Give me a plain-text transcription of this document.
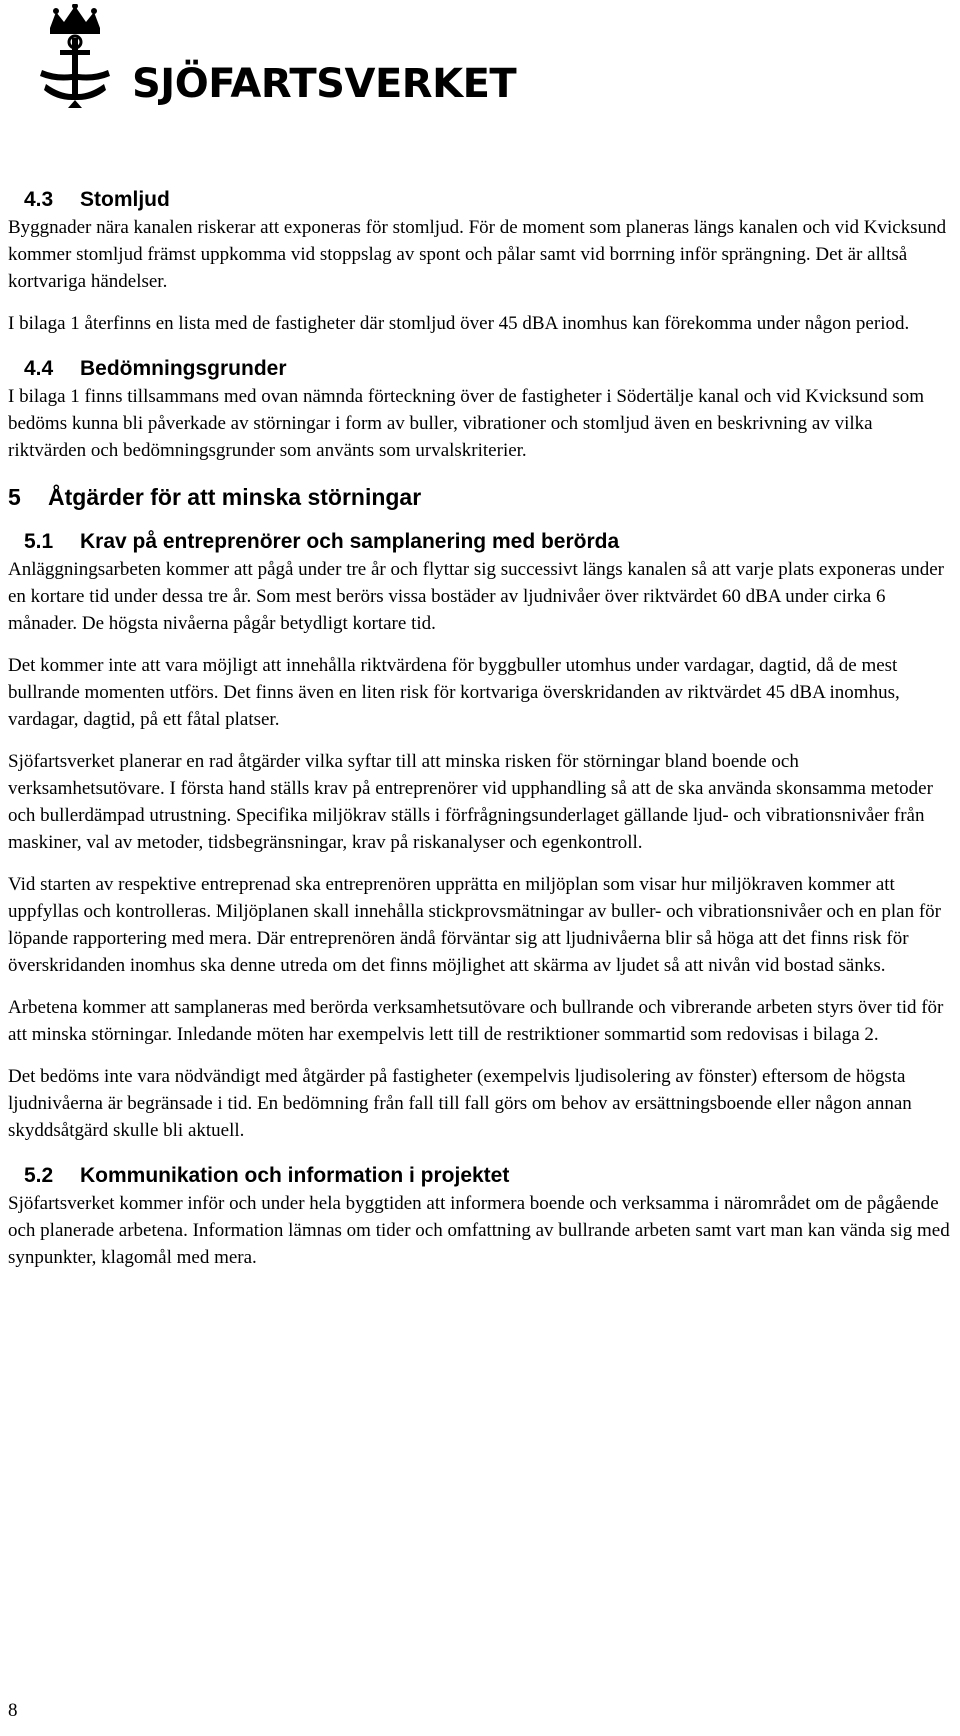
SJÖFARTSVERKET
4.3	Stomljud

Byggnader nära kanalen riskerar att exponeras för stomljud. För de moment som planeras längs kanalen och vid Kvicksund kommer stomljud främst uppkomma vid stoppslag av spont och pålar samt vid borrning inför sprängning. Det är alltså kortvariga händelser.

I bilaga 1 återfinns en lista med de fastigheter där stomljud över 45 dBA inomhus kan förekomma under någon period.

4.4	Bedömningsgrunder

I bilaga 1 finns tillsammans med ovan nämnda förteckning över de fastigheter i Södertälje kanal och vid Kvicksund som bedöms kunna bli påverkade av störningar i form av buller, vibrationer och stomljud även en beskrivning av vilka riktvärden och bedömningsgrunder som använts som urvalskriterier.

5	Åtgärder för att minska störningar
5.1	Krav på entreprenörer och samplanering med berörda

Anläggningsarbeten kommer att pågå under tre år och flyttar sig successivt längs kanalen så att varje plats exponeras under en kortare tid under dessa tre år. Som mest berörs vissa bostäder av ljudnivåer över riktvärdet 60 dBA under cirka 6 månader. De högsta nivåerna pågår betydligt kortare tid.

Det kommer inte att vara möjligt att innehålla riktvärdena för byggbuller utomhus under vardagar, dagtid, då de mest bullrande momenten utförs. Det finns även en liten risk för kortvariga överskridanden av riktvärdet 45 dBA inomhus, vardagar, dagtid, på ett fåtal platser.

Sjöfartsverket planerar en rad åtgärder vilka syftar till att minska risken för störningar bland boende och verksamhetsutövare. I första hand ställs krav på entreprenörer vid upphandling så att de ska använda skonsamma metoder och bullerdämpad utrustning. Specifika miljökrav ställs i förfrågningsunderlaget gällande ljud- och vibrationsnivåer från maskiner, val av metoder, tidsbegränsningar, krav på riskanalyser och egenkontroll.

Vid starten av respektive entreprenad ska entreprenören upprätta en miljöplan som visar hur miljökraven kommer att uppfyllas och kontrolleras. Miljöplanen skall innehålla stickprovsmätningar av buller- och vibrationsnivåer och en plan för löpande rapportering med mera. Där entreprenören ändå förväntar sig att ljudnivåerna blir så höga att det finns risk för överskridanden inomhus ska denne utreda om det finns möjlighet att skärma av ljudet så att nivån vid bostad sänks.

Arbetena kommer att samplaneras med berörda verksamhetsutövare och bullrande och vibrerande arbeten styrs över tid för att minska störningar. Inledande möten har exempelvis lett till de restriktioner sommartid som redovisas i bilaga 2.

Det bedöms inte vara nödvändigt med åtgärder på fastigheter (exempelvis ljudisolering av fönster) eftersom de högsta ljudnivåerna är begränsade i tid. En bedömning från fall till fall görs om behov av ersättningsboende eller någon annan skyddsåtgärd skulle bli aktuell.

5.2	Kommunikation och information i projektet

Sjöfartsverket kommer inför och under hela byggtiden att informera boende och verksamma i närområdet om de pågående och planerade arbetena. Information lämnas om tider och omfattning av bullrande arbeten samt vart man kan vända sig med synpunkter, klagomål med mera.

8
